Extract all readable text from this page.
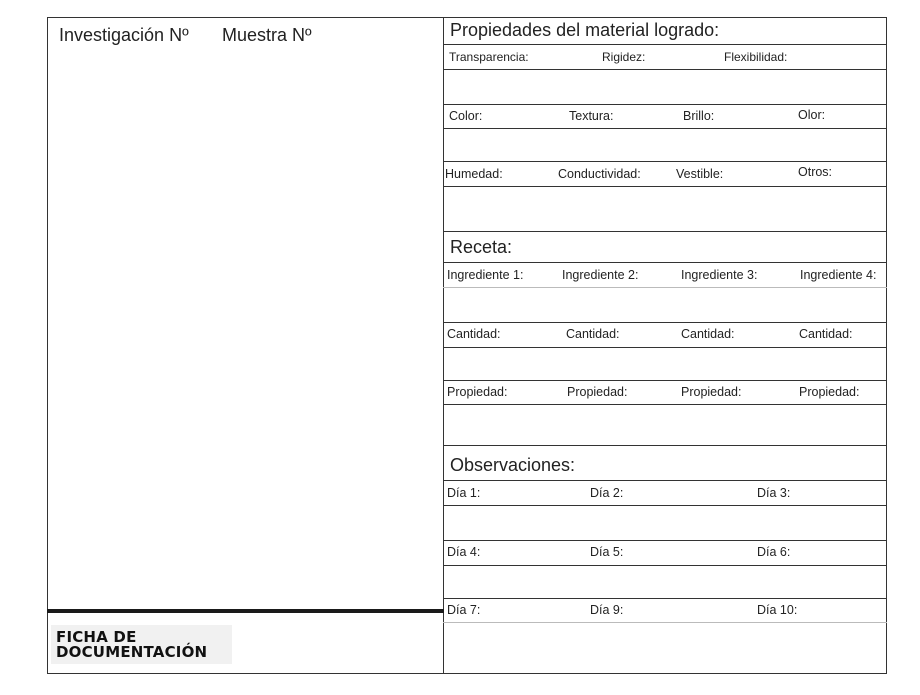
Investigación Nº Muestra Nº	Propiedades del material logrado:
Transparencia:	Rigidez:	Flexibilidad:
Color:	Textura:	Brillo:	Olor:
Humedad:	Conductividad:	Vestible:	Otros:
Receta:
Ingrediente 1:	Ingrediente 2:	Ingrediente 3:	Ingrediente 4:
Cantidad:	Cantidad:	Cantidad:	Cantidad:
Propiedad:	Propiedad:	Propiedad:	Propiedad:
Observaciones:
Día 1:	Día 2:	Día 3:
Día 4:	Día 5:	Día 6:
Día 7:	Día 9:	Día 10:
FICHA DE
DOCUMENTACIÓN
